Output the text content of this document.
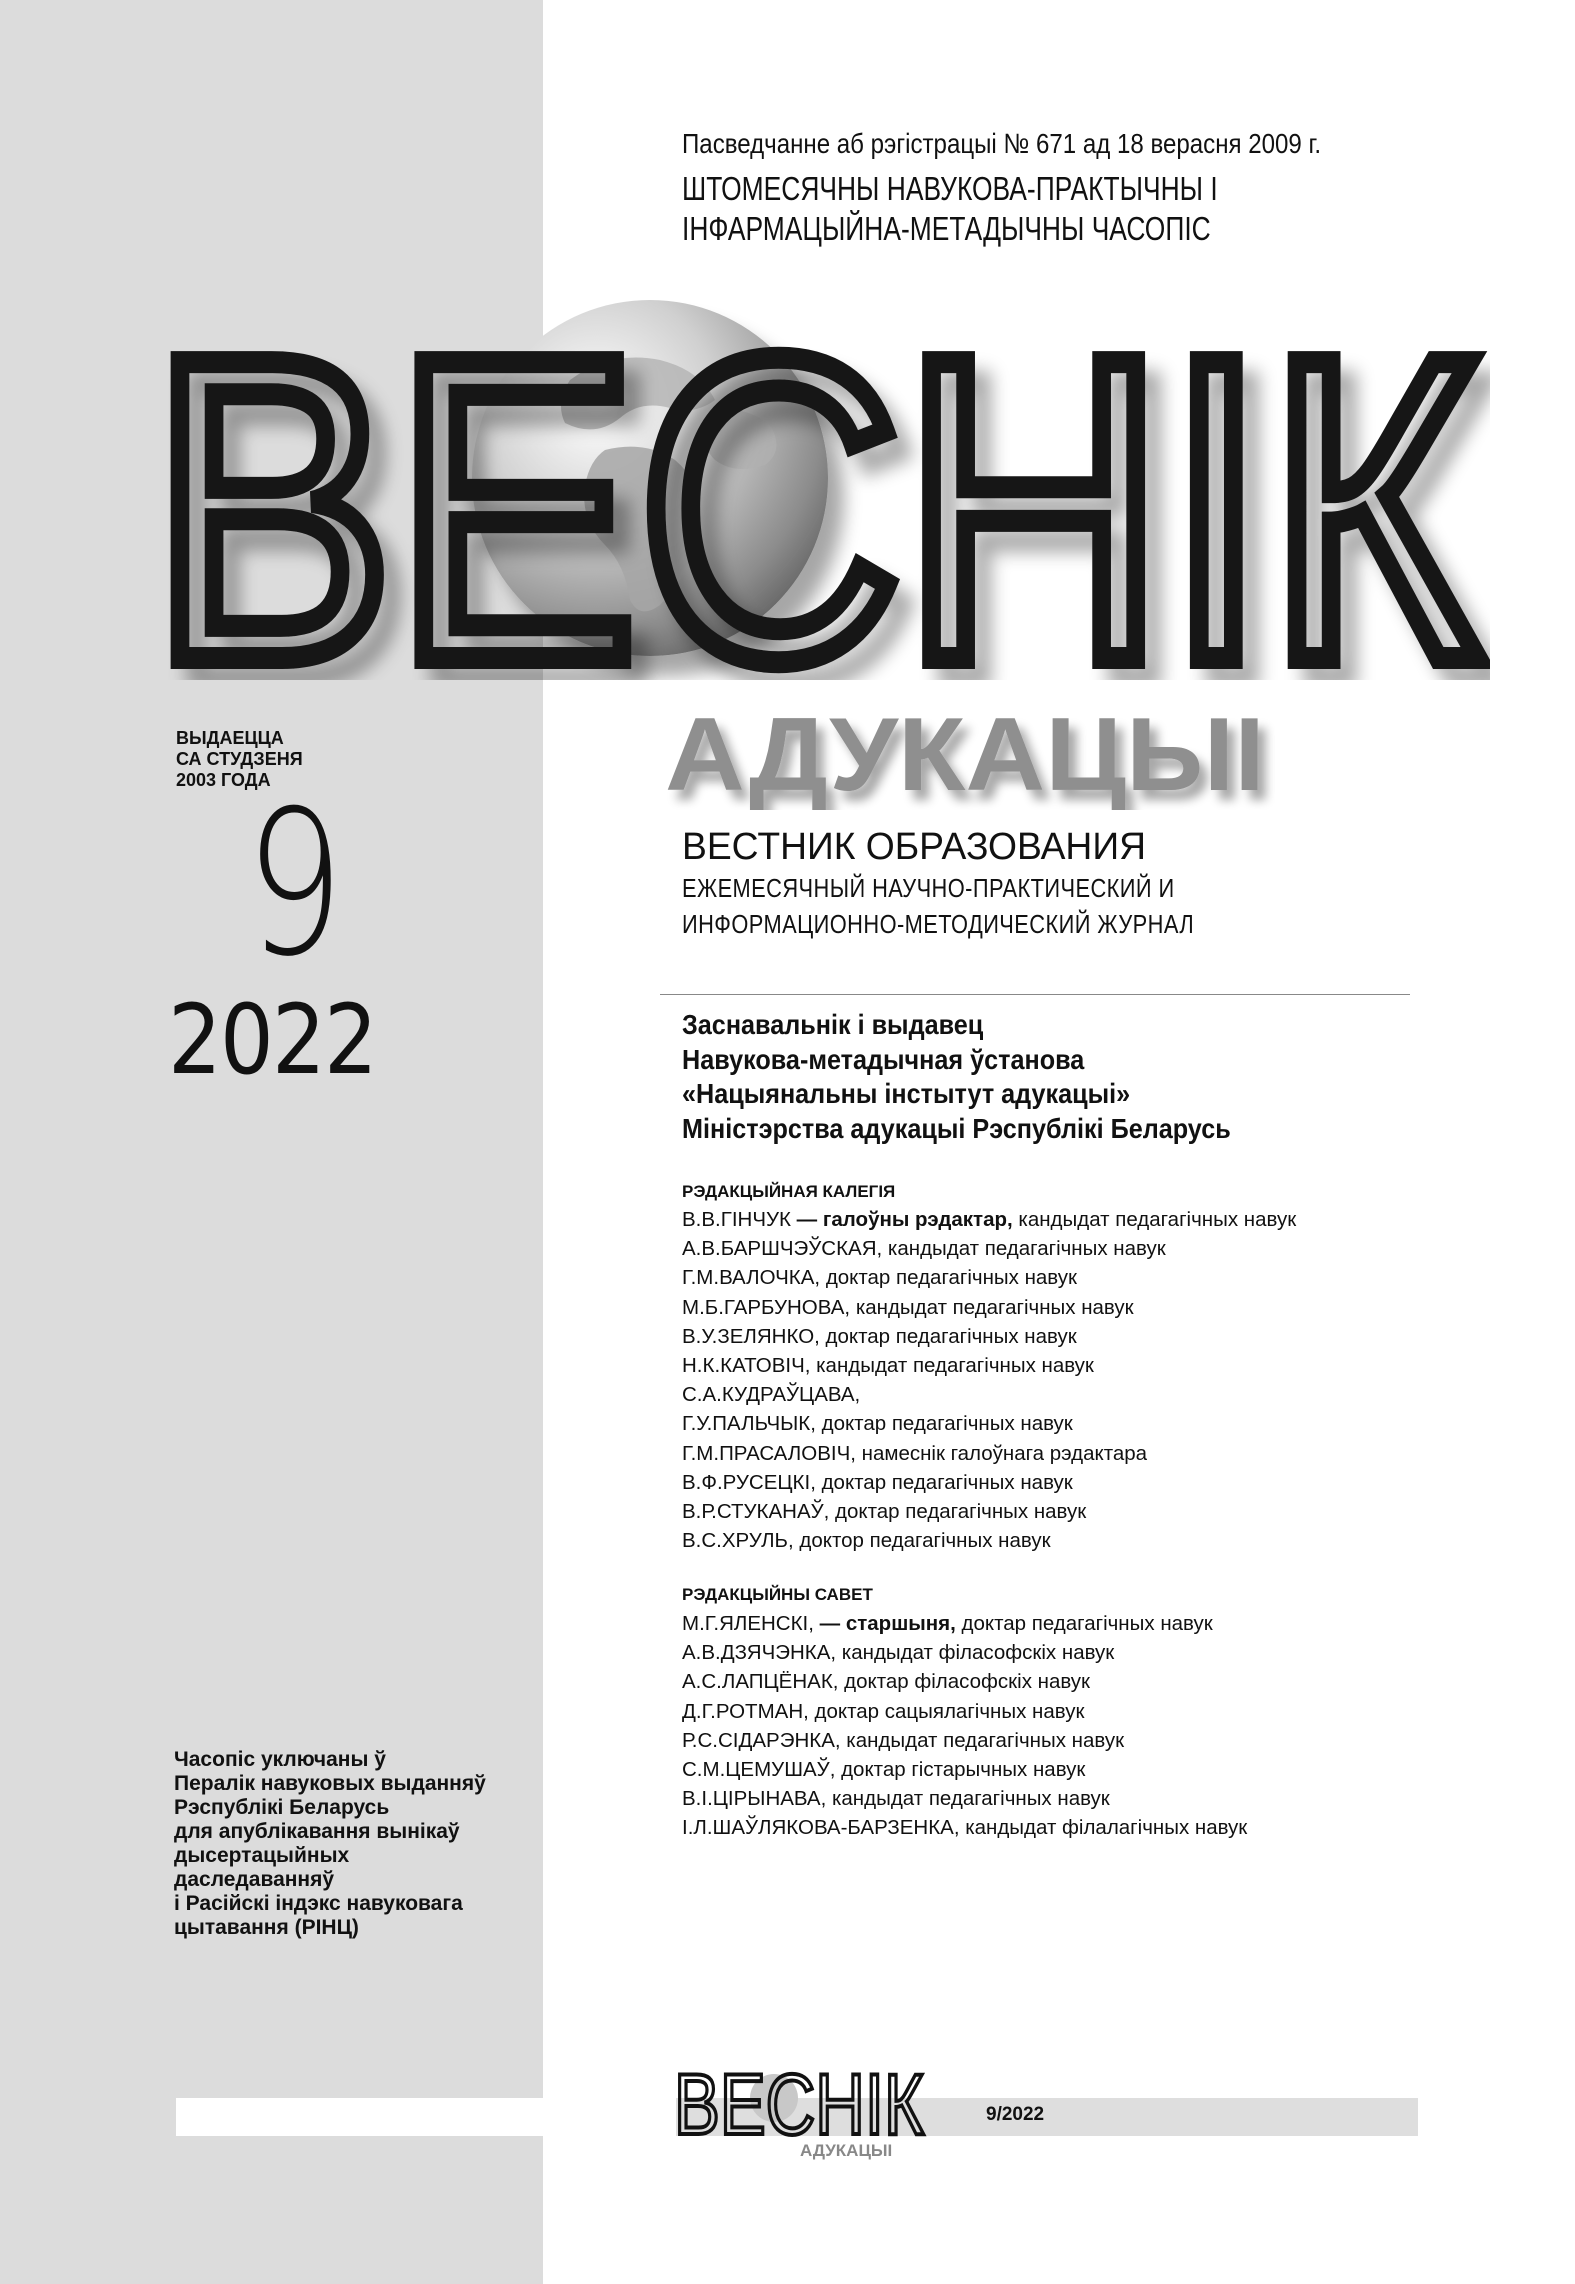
Пасведчанне аб рэгістрацыі № 671 ад 18 верасня 2009 г.
ШТОМЕСЯЧНЫ НАВУКОВА-ПРАКТЫЧНЫ І
ІНФАРМАЦЫЙНА-МЕТАДЫЧНЫ ЧАСОПІС
ВЕСНІК
АДУКАЦЫІ
ВЫДАЕЦЦА
СА СТУДЗЕНЯ
2003 ГОДА
9
2022
ВЕСТНИК ОБРАЗОВАНИЯ
ЕЖЕМЕСЯЧНЫЙ НАУЧНО-ПРАКТИЧЕСКИЙ И
ИНФОРМАЦИОННО-МЕТОДИЧЕСКИЙ ЖУРНАЛ
Заснавальнік і выдавец
Навукова-метадычная ўстанова
«Нацыянальны інстытут адукацыі»
Міністэрства адукацыі Рэспублікі Беларусь
РЭДАКЦЫЙНАЯ КАЛЕГІЯ
В.В.ГІНЧУК — галоўны рэдактар, кандыдат педагагічных навук
А.В.БАРШЧЭЎСКАЯ, кандыдат педагагічных навук
Г.М.ВАЛОЧКА, доктар педагагічных навук
М.Б.ГАРБУНОВА, кандыдат педагагічных навук
В.У.ЗЕЛЯНКО, доктар педагагічных навук
Н.К.КАТОВІЧ, кандыдат педагагічных навук
С.А.КУДРАЎЦАВА,
Г.У.ПАЛЬЧЫК, доктар педагагічных навук
Г.М.ПРАСАЛОВІЧ, намеснік галоўнага рэдактара
В.Ф.РУСЕЦКІ, доктар педагагічных навук
В.Р.СТУКАНАЎ, доктар педагагічных навук
В.С.ХРУЛЬ, доктор педагагічных навук
РЭДАКЦЫЙНЫ САВЕТ
М.Г.ЯЛЕНСКІ, — старшыня, доктар педагагічных навук
А.В.ДЗЯЧЭНКА, кандыдат філасофскіх навук
А.С.ЛАПЦЁНАК, доктар філасофскіх навук
Д.Г.РОТМАН, доктар сацыялагічных навук
Р.С.СІДАРЭНКА, кандыдат педагагічных навук
С.М.ЦЕМУШАЎ, доктар гістарычных навук
В.І.ЦІРЫНАВА, кандыдат педагагічных навук
І.Л.ШАЎЛЯКОВА-БАРЗЕНКА, кандыдат філалагічных навук
Часопіс уключаны ў
Пералік навуковых выданняў
Рэспублікі Беларусь
для апублікавання вынікаў
дысертацыйных
даследаванняў
і Расійскі індэкс навуковага
цытавання (РІНЦ)
ВЕСНІК
АДУКАЦЫІ
9/2022
